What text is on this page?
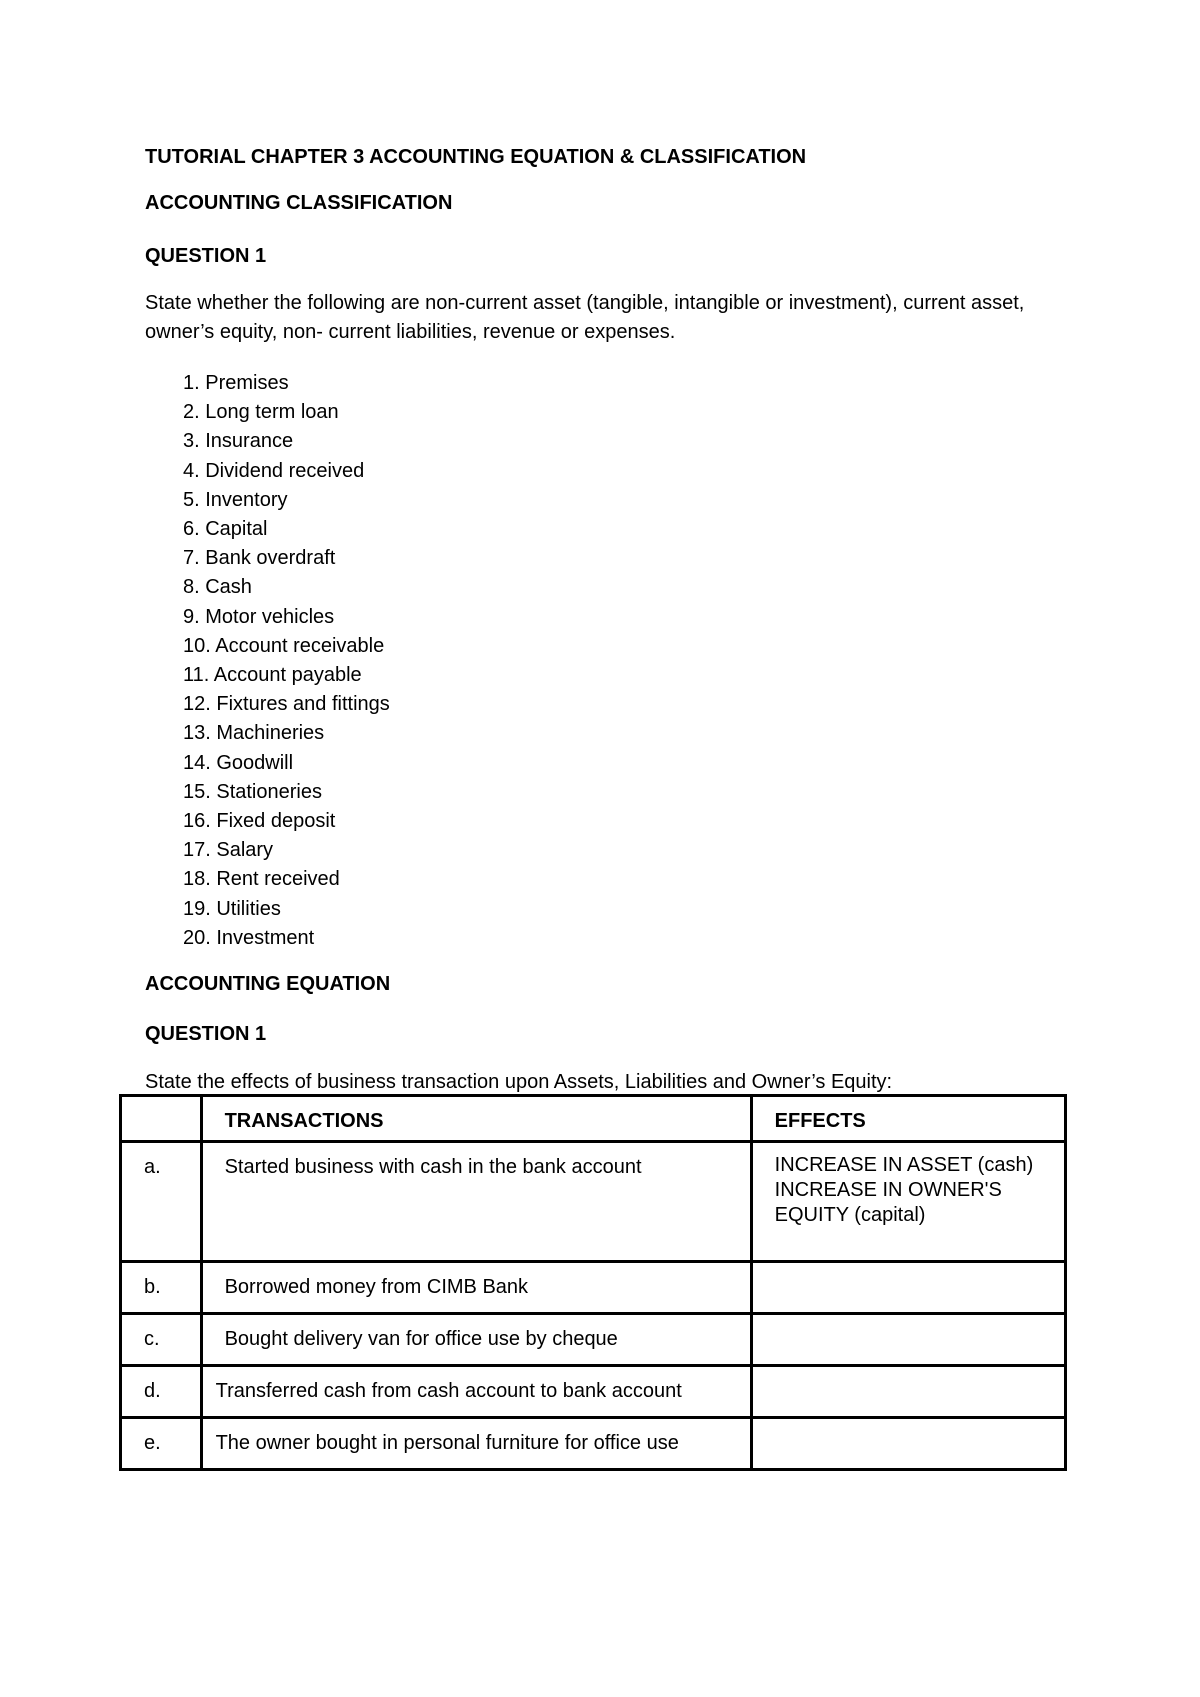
TUTORIAL CHAPTER 3 ACCOUNTING EQUATION & CLASSIFICATION
ACCOUNTING CLASSIFICATION
QUESTION 1
State whether the following are non-current asset (tangible, intangible or investment), current asset, owner’s equity, non- current liabilities, revenue or expenses.
1. Premises
2. Long term loan
3. Insurance
4. Dividend received
5. Inventory
6. Capital
7. Bank overdraft
8. Cash
9. Motor vehicles
10. Account receivable
11. Account payable
12. Fixtures and fittings
13. Machineries
14. Goodwill
15. Stationeries
16. Fixed deposit
17. Salary
18. Rent received
19. Utilities
20. Investment
ACCOUNTING EQUATION
QUESTION 1
State the effects of business transaction upon Assets, Liabilities and Owner’s Equity:
	TRANSACTIONS	EFFECTS
a.	Started business with cash in the bank account	INCREASE IN ASSET (cash) INCREASE IN OWNER'S  EQUITY (capital)
b.	Borrowed money from CIMB Bank	
c.	Bought delivery van for office use by cheque	
d.	Transferred cash from cash account to bank account	
e.	The owner bought in personal furniture for office use	
